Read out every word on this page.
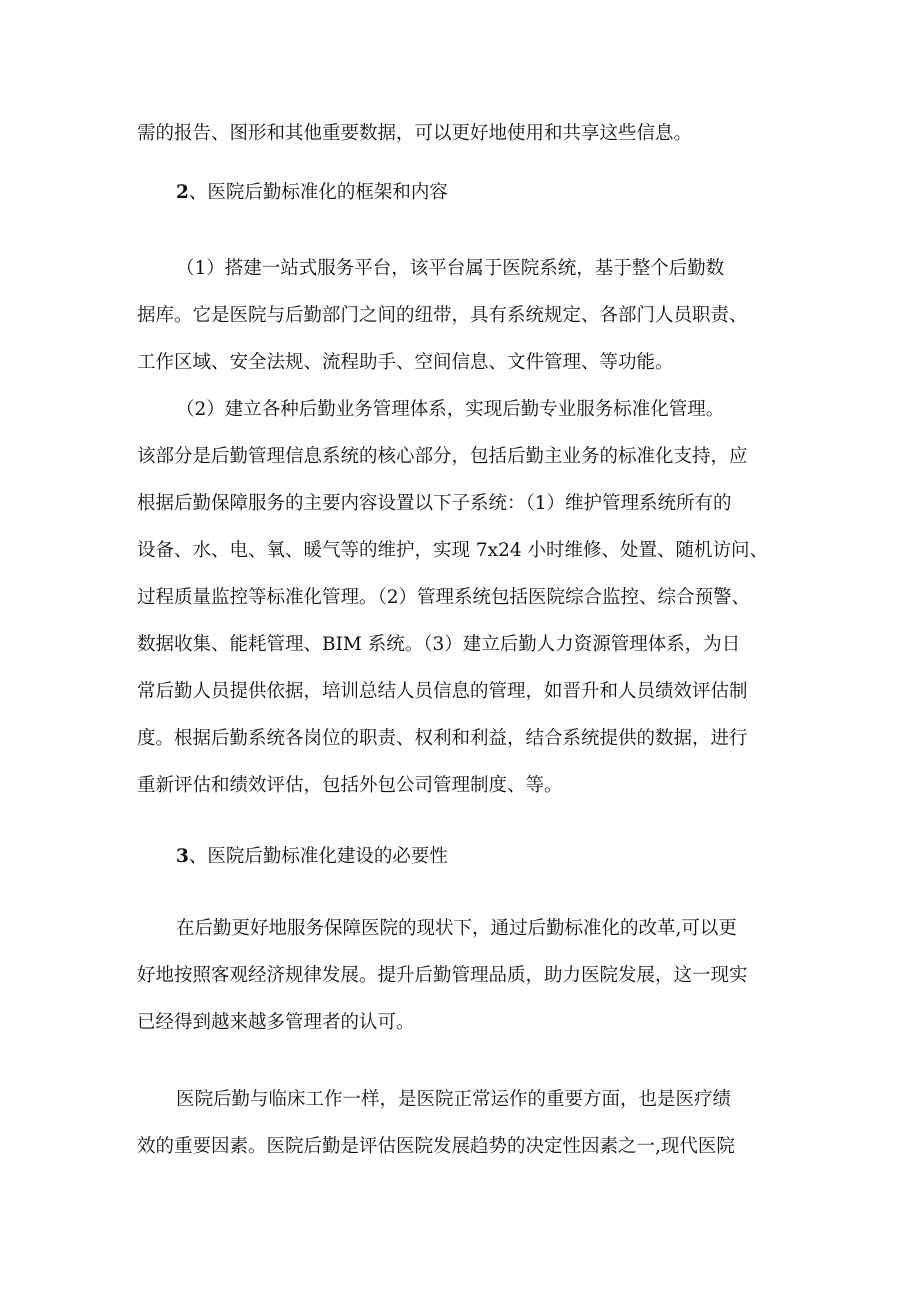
需的报告、图形和其他重要数据，可以更好地使用和共享这些信息。
2、医院后勤标准化的框架和内容
（1）搭建一站式服务平台，该平台属于医院系统，基于整个后勤数
据库。它是医院与后勤部门之间的纽带，具有系统规定、各部门人员职责、
工作区域、安全法规、流程助手、空间信息、文件管理、等功能。
（2）建立各种后勤业务管理体系，实现后勤专业服务标准化管理。
该部分是后勤管理信息系统的核心部分，包括后勤主业务的标准化支持，应
根据后勤保障服务的主要内容设置以下子系统：（1）维护管理系统所有的
设备、水、电、氧、暖气等的维护，实现 7x24 小时维修、处置、随机访问、
过程质量监控等标准化管理。（2）管理系统包括医院综合监控、综合预警、
数据收集、能耗管理、BIM 系统。（3）建立后勤人力资源管理体系，为日
常后勤人员提供依据，培训总结人员信息的管理，如晋升和人员绩效评估制
度。根据后勤系统各岗位的职责、权利和利益，结合系统提供的数据，进行
重新评估和绩效评估，包括外包公司管理制度、等。
3、医院后勤标准化建设的必要性
在后勤更好地服务保障医院的现状下，通过后勤标准化的改革,可以更
好地按照客观经济规律发展。提升后勤管理品质，助力医院发展，这一现实
已经得到越来越多管理者的认可。
医院后勤与临床工作一样，是医院正常运作的重要方面，也是医疗绩
效的重要因素。医院后勤是评估医院发展趋势的决定性因素之一,现代医院
